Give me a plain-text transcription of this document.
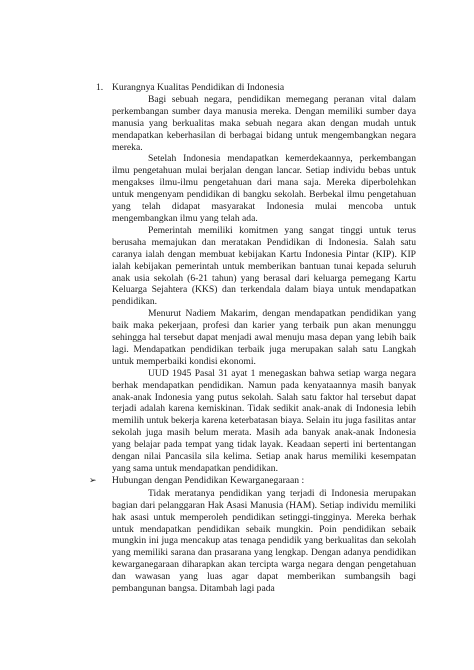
1. Kurangnya Kualitas Pendidikan di Indonesia

Bagi sebuah negara, pendidikan memegang peranan vital dalam perkembangan sumber daya manusia mereka. Dengan memiliki sumber daya manusia yang berkualitas maka sebuah negara akan dengan mudah untuk mendapatkan keberhasilan di berbagai bidang untuk mengembangkan negara mereka.

Setelah Indonesia mendapatkan kemerdekaannya, perkembangan ilmu pengetahuan mulai berjalan dengan lancar. Setiap individu bebas untuk mengakses ilmu-ilmu pengetahuan dari mana saja. Mereka diperbolehkan untuk mengenyam pendidikan di bangku sekolah. Berbekal ilmu pengetahuan yang telah didapat masyarakat Indonesia mulai mencoba untuk mengembangkan ilmu yang telah ada.

Pemerintah memiliki komitmen yang sangat tinggi untuk terus berusaha memajukan dan meratakan Pendidikan di Indonesia. Salah satu caranya ialah dengan membuat kebijakan Kartu Indonesia Pintar (KIP). KIP ialah kebijakan pemerintah untuk memberikan bantuan tunai kepada seluruh anak usia sekolah (6-21 tahun) yang berasal dari keluarga pemegang Kartu Keluarga Sejahtera (KKS) dan terkendala dalam biaya untuk mendapatkan pendidikan.

Menurut Nadiem Makarim, dengan mendapatkan pendidikan yang baik maka pekerjaan, profesi dan karier yang terbaik pun akan menunggu sehingga hal tersebut dapat menjadi awal menuju masa depan yang lebih baik lagi. Mendapatkan pendidikan terbaik juga merupakan salah satu Langkah untuk memperbaiki kondisi ekonomi.

UUD 1945 Pasal 31 ayat 1 menegaskan bahwa setiap warga negara berhak mendapatkan pendidikan. Namun pada kenyataannya masih banyak anak-anak Indonesia yang putus sekolah. Salah satu faktor hal tersebut dapat terjadi adalah karena kemiskinan. Tidak sedikit anak-anak di Indonesia lebih memilih untuk bekerja karena keterbatasan biaya. Selain itu juga fasilitas antar sekolah juga masih belum merata. Masih ada banyak anak-anak Indonesia yang belajar pada tempat yang tidak layak. Keadaan seperti ini bertentangan dengan nilai Pancasila sila kelima. Setiap anak harus memiliki kesempatan yang sama untuk mendapatkan pendidikan.

➢ Hubungan dengan Pendidikan Kewarganegaraan :

Tidak meratanya pendidikan yang terjadi di Indonesia merupakan bagian dari pelanggaran Hak Asasi Manusia (HAM). Setiap individu memiliki hak asasi untuk memperoleh pendidikan setinggi-tingginya. Mereka berhak untuk mendapatkan pendidikan sebaik mungkin. Poin pendidikan sebaik mungkin ini juga mencakup atas tenaga pendidik yang berkualitas dan sekolah yang memiliki sarana dan prasarana yang lengkap. Dengan adanya pendidikan kewarganegaraan diharapkan akan tercipta warga negara dengan pengetahuan dan wawasan yang luas agar dapat memberikan sumbangsih bagi pembangunan bangsa. Ditambah lagi pada
